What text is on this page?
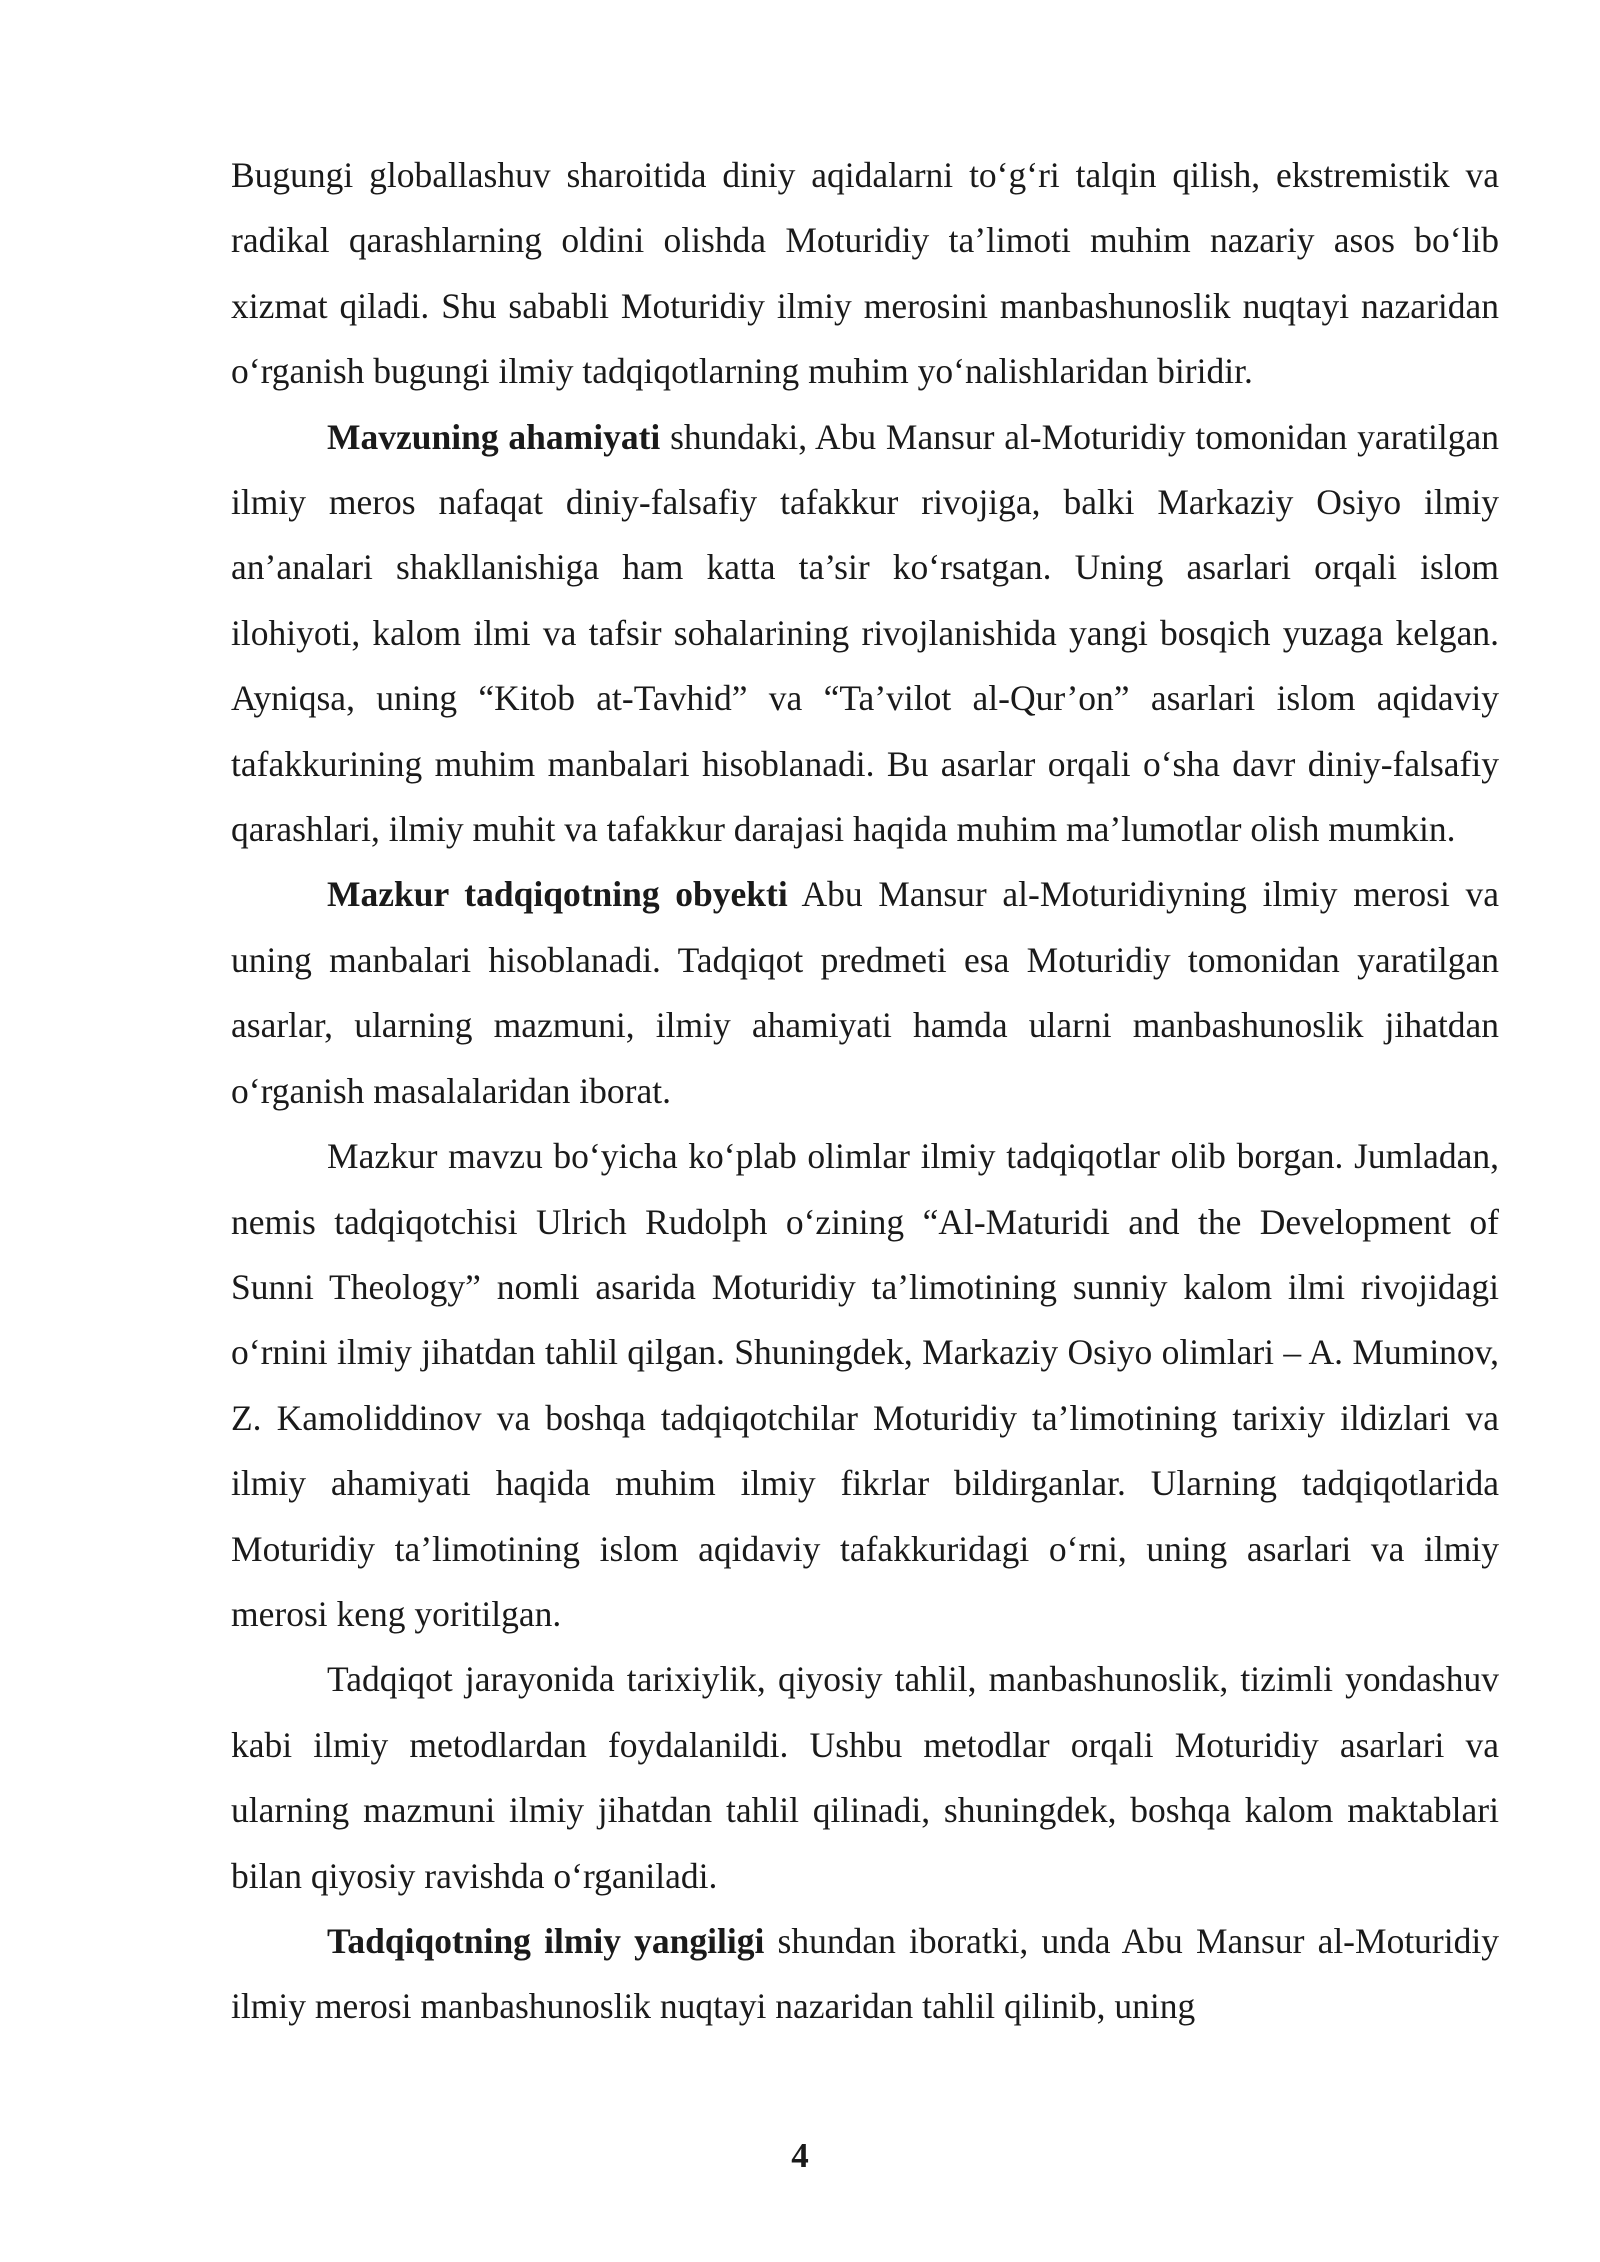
Bugungi globallashuv sharoitida diniy aqidalarni to‘g‘ri talqin qilish, ekstremistik va radikal qarashlarning oldini olishda Moturidiy ta’limoti muhim nazariy asos bo‘lib xizmat qiladi. Shu sababli Moturidiy ilmiy merosini manbashunoslik nuqtayi nazaridan o‘rganish bugungi ilmiy tadqiqotlarning muhim yo‘nalishlaridan biridir.

Mavzuning ahamiyati shundaki, Abu Mansur al-Moturidiy tomonidan yaratilgan ilmiy meros nafaqat diniy-falsafiy tafakkur rivojiga, balki Markaziy Osiyo ilmiy an’analari shakllanishiga ham katta ta’sir ko‘rsatgan. Uning asarlari orqali islom ilohiyoti, kalom ilmi va tafsir sohalarining rivojlanishida yangi bosqich yuzaga kelgan. Ayniqsa, uning “Kitob at-Tavhid” va “Ta’vilot al-Qur’on” asarlari islom aqidaviy tafakkurining muhim manbalari hisoblanadi. Bu asarlar orqali o‘sha davr diniy-falsafiy qarashlari, ilmiy muhit va tafakkur darajasi haqida muhim ma’lumotlar olish mumkin.

Mazkur tadqiqotning obyekti Abu Mansur al-Moturidiyning ilmiy merosi va uning manbalari hisoblanadi. Tadqiqot predmeti esa Moturidiy tomonidan yaratilgan asarlar, ularning mazmuni, ilmiy ahamiyati hamda ularni manbashunoslik jihatdan o‘rganish masalalaridan iborat.

Mazkur mavzu bo‘yicha ko‘plab olimlar ilmiy tadqiqotlar olib borgan. Jumladan, nemis tadqiqotchisi Ulrich Rudolph o‘zining “Al-Maturidi and the Development of Sunni Theology” nomli asarida Moturidiy ta’limotining sunniy kalom ilmi rivojidagi o‘rnini ilmiy jihatdan tahlil qilgan. Shuningdek, Markaziy Osiyo olimlari – A. Muminov, Z. Kamoliddinov va boshqa tadqiqotchilar Moturidiy ta’limotining tarixiy ildizlari va ilmiy ahamiyati haqida muhim ilmiy fikrlar bildirganlar. Ularning tadqiqotlarida Moturidiy ta’limotining islom aqidaviy tafakkuridagi o‘rni, uning asarlari va ilmiy merosi keng yoritilgan.

Tadqiqot jarayonida tarixiylik, qiyosiy tahlil, manbashunoslik, tizimli yondashuv kabi ilmiy metodlardan foydalanildi. Ushbu metodlar orqali Moturidiy asarlari va ularning mazmuni ilmiy jihatdan tahlil qilinadi, shuningdek, boshqa kalom maktablari bilan qiyosiy ravishda o‘rganiladi.

Tadqiqotning ilmiy yangiligi shundan iboratki, unda Abu Mansur al-Moturidiy ilmiy merosi manbashunoslik nuqtayi nazaridan tahlil qilinib, uning

4
